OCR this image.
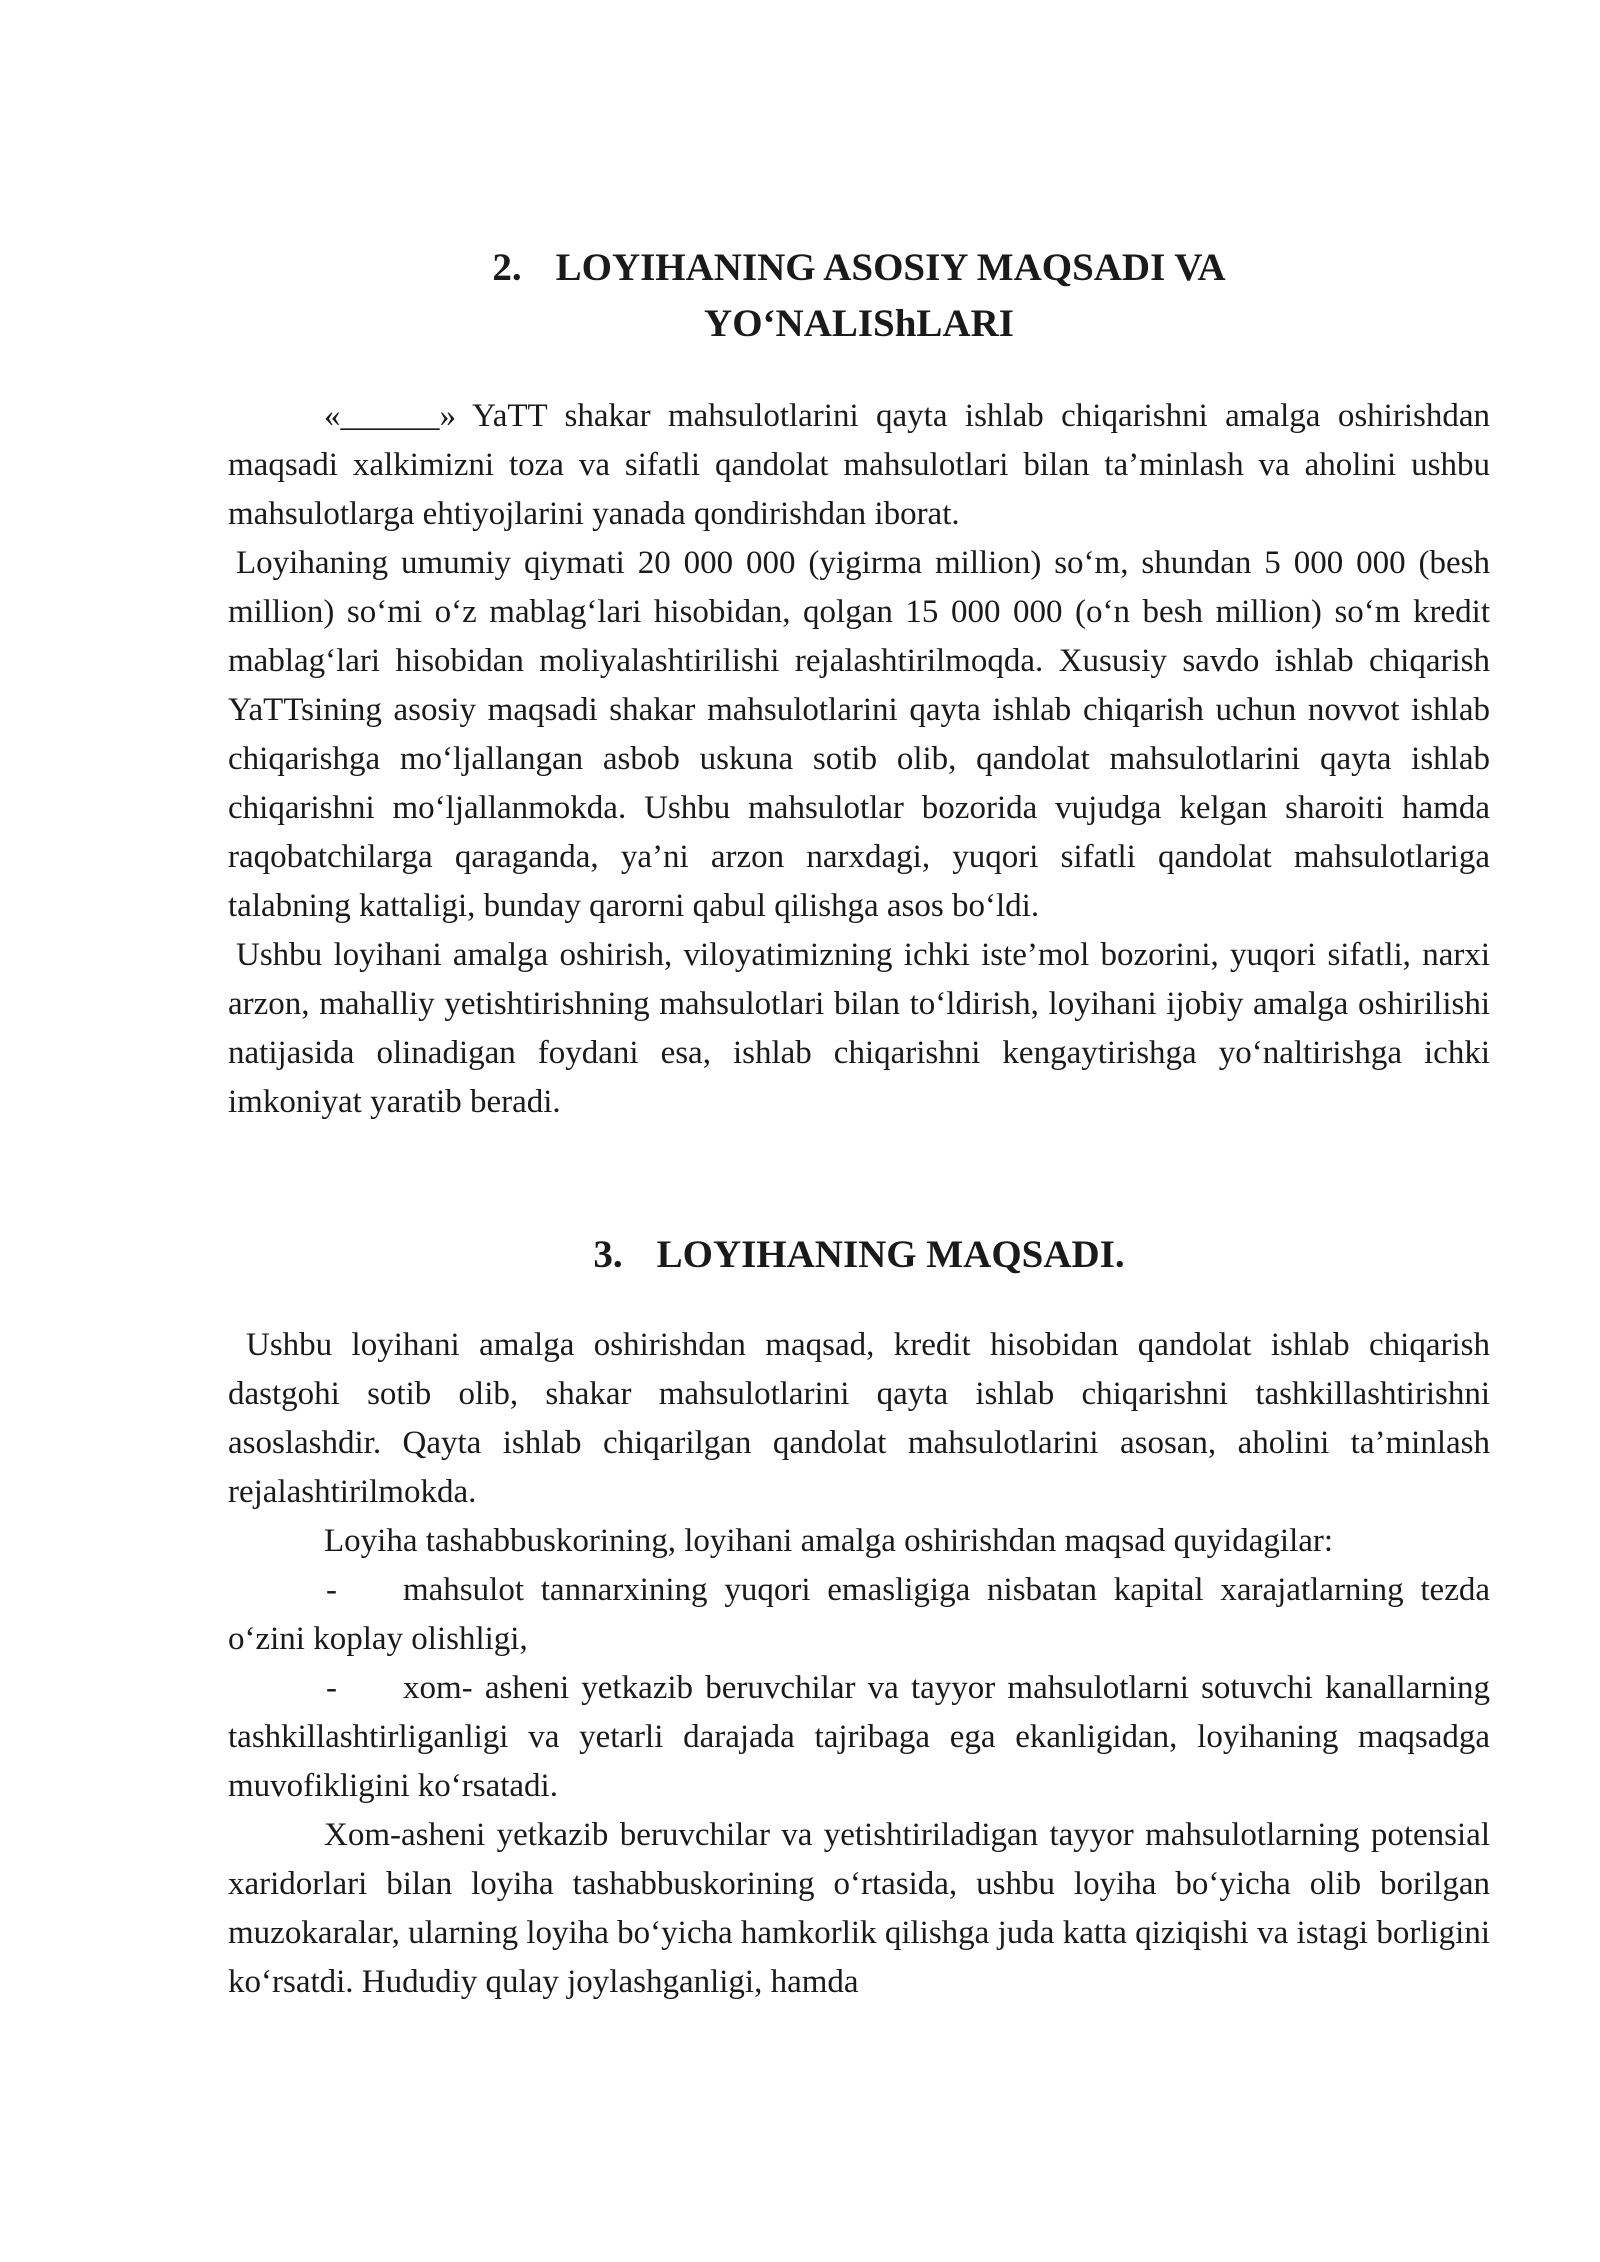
2. LOYIHANING ASOSIY MAQSADI VA
YO‘NALIShLARI

«______» YaTT shakar mahsulotlarini qayta ishlab chiqarishni amalga oshirishdan maqsadi xalkimizni toza va sifatli qandolat mahsulotlari bilan ta’minlash va aholini ushbu mahsulotlarga ehtiyojlarini yanada qondirishdan iborat.

Loyihaning umumiy qiymati 20 000 000 (yigirma million) so‘m, shundan 5 000 000 (besh million) so‘mi o‘z mablag‘lari hisobidan, qolgan 15 000 000 (o‘n besh million) so‘m kredit mablag‘lari hisobidan moliyalashtirilishi rejalashtirilmoqda. Xususiy savdo ishlab chiqarish YaTTsining asosiy maqsadi shakar mahsulotlarini qayta ishlab chiqarish uchun novvot ishlab chiqarishga mo‘ljallangan asbob uskuna sotib olib, qandolat mahsulotlarini qayta ishlab chiqarishni mo‘ljallanmokda. Ushbu mahsulotlar bozorida vujudga kelgan sharoiti hamda raqobatchilarga qaraganda, ya’ni arzon narxdagi, yuqori sifatli qandolat mahsulotlariga talabning kattaligi, bunday qarorni qabul qilishga asos bo‘ldi.

Ushbu loyihani amalga oshirish, viloyatimizning ichki iste’mol bozorini, yuqori sifatli, narxi arzon, mahalliy yetishtirishning mahsulotlari bilan to‘ldirish, loyihani ijobiy amalga oshirilishi natijasida olinadigan foydani esa, ishlab chiqarishni kengaytirishga yo‘naltirishga ichki imkoniyat yaratib beradi.

3. LOYIHANING MAQSADI.

Ushbu loyihani amalga oshirishdan maqsad, kredit hisobidan qandolat ishlab chiqarish dastgohi sotib olib, shakar mahsulotlarini qayta ishlab chiqarishni tashkillashtirishni asoslashdir. Qayta ishlab chiqarilgan qandolat mahsulotlarini asosan, aholini ta’minlash rejalashtirilmokda.

Loyiha tashabbuskorining, loyihani amalga oshirishdan maqsad quyidagilar:

-  mahsulot tannarxining yuqori emasligiga nisbatan kapital xarajatlarning tezda o‘zini koplay olishligi,

-  xom- asheni yetkazib beruvchilar va tayyor mahsulotlarni sotuvchi kanallarning tashkillashtirliganligi va yetarli darajada tajribaga ega ekanligidan, loyihaning maqsadga muvofikligini ko‘rsatadi.

Xom-asheni yetkazib beruvchilar va yetishtiriladigan tayyor mahsulotlarning potensial xaridorlari bilan loyiha tashabbuskorining o‘rtasida, ushbu loyiha bo‘yicha olib borilgan muzokaralar, ularning loyiha bo‘yicha hamkorlik qilishga juda katta qiziqishi va istagi borligini ko‘rsatdi. Hududiy qulay joylashganligi, hamda
